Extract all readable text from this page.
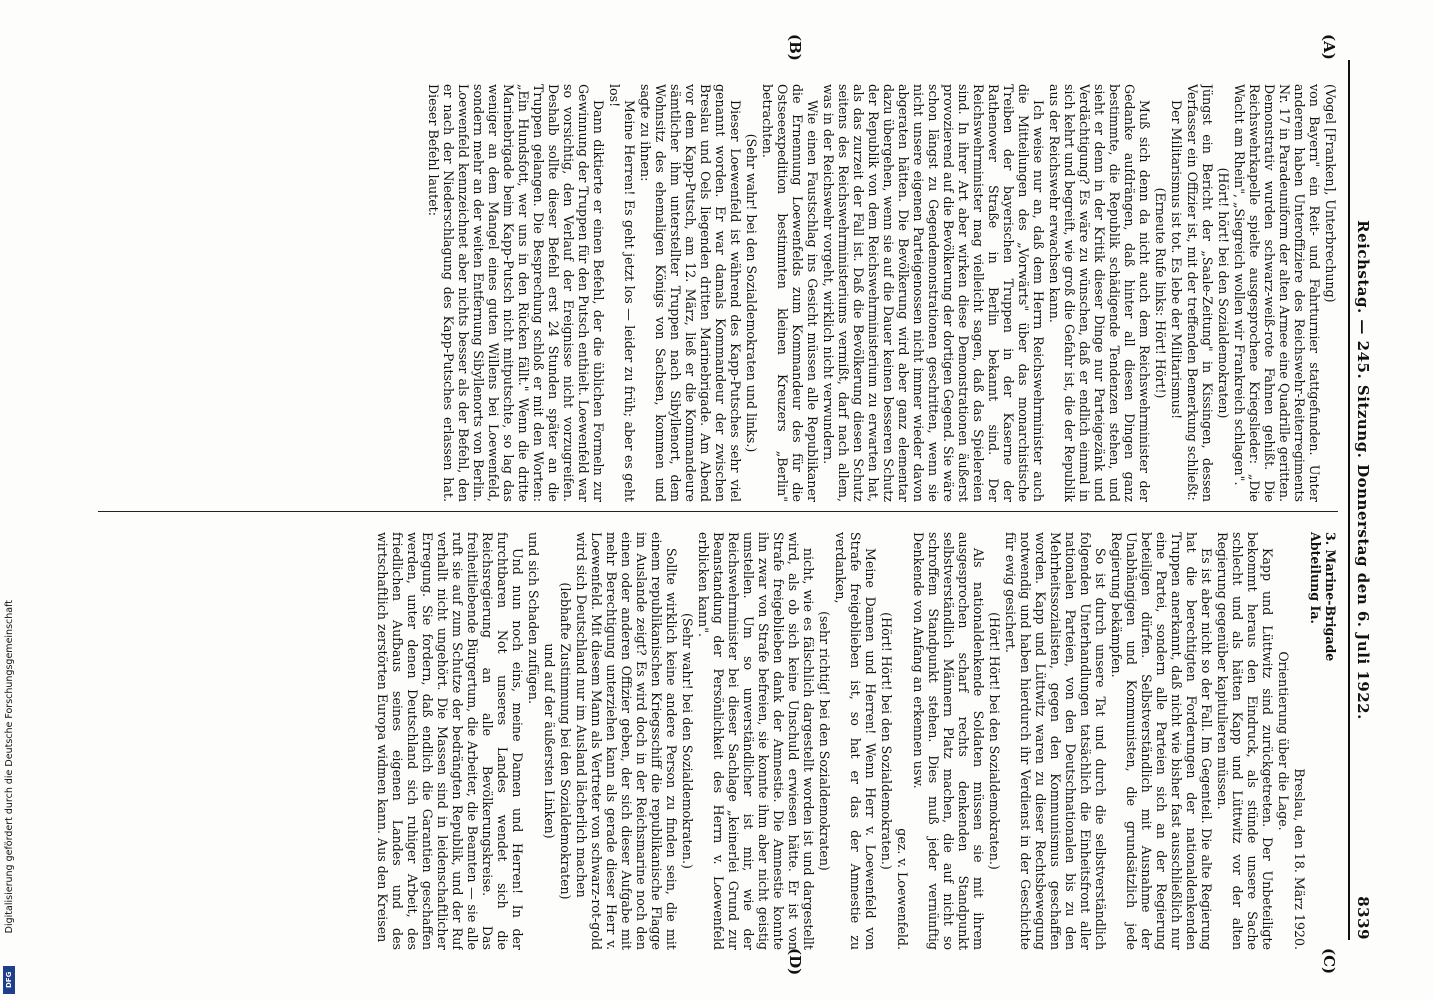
Reichstag. — 245. Sitzung. Donnerstag den 6. Juli 1922.
8339
(A)
(B)
(C)
(D)

(Vogel [Franken], Unterbrechung)

von Bayern" ein Reit- und Fahrturnier stattgefunden. Unter anderem haben Unteroffiziere des Reichswehr-Reiterregiments Nr. 17 in Paradeuniform der alten Armee eine Quadrille geritten. Demonstrativ wurden schwarz-weiß-rote Fahnen gehißt. Die Reichswehrkapelle spielte ausgesprochene Kriegslieder: „Die Wacht am Rhein", „Siegreich wollen wir Frankreich schlagen".

(Hört! hört! bei den Sozialdemokraten)

Jüngst ein Bericht der „Saale-Zeitung" in Kissingen, dessen Verfasser ein Offizier ist, mit der treffenden Bemerkung schließt:

Der Militarismus ist tot. Es lebe der Militarismus!

(Erneute Rufe links: Hört! Hört!)

Muß sich denn da nicht auch dem Reichswehrminister der Gedanke aufdrängen, daß hinter all diesen Dingen ganz bestimmte, die Republik schädigende Tendenzen stehen, und sieht er denn in der Kritik dieser Dinge nur Parteigezänk und Verdächtigung? Es wäre zu wünschen, daß er endlich einmal in sich kehrt und begreift, wie groß die Gefahr ist, die der Republik aus der Reichswehr erwachsen kann.

Ich weise nur an, daß dem Herrn Reichswehrminister auch die Mitteilungen des „Vorwärts" über das monarchistische Treiben der bayerischen Truppen in der Kaserne der Rathenower Straße in Berlin bekannt sind. Der Reichswehrminister mag vielleicht sagen, daß das Spielereien sind. In ihrer Art aber wirken diese Demonstrationen äußerst provozierend auf die Bevölkerung der dortigen Gegend. Sie wäre schon längst zu Gegendemonstrationen geschritten, wenn sie nicht unsere eigenen Parteigenossen nicht immer wieder davon abgeraten hätten. Die Bevölkerung wird aber ganz elementar dazu übergehen, wenn sie auf die Dauer keinen besseren Schutz der Republik von dem Reichswehrministerium zu erwarten hat, als das zurzeit der Fall ist. Daß die Bevölkerung diesen Schutz seitens des Reichswehrministeriums vermißt, darf nach allem, was in der Reichswehr vorgeht, wirklich nicht verwundern.

Wie einen Faustschlag ins Gesicht müssen alle Republikaner die Ernennung Loewenfelds zum Kommandeur des für die Ostseeexpedition bestimmten kleinen Kreuzers „Berlin" betrachten.

(Sehr wahr! bei den Sozialdemokraten und links.)

Dieser Loewenfeld ist während des Kapp-Putsches sehr viel genannt worden. Er war damals Kommandeur der zwischen Breslau und Oels liegenden dritten Marinebrigade. Am Abend vor dem Kapp-Putsch, am 12. März, ließ er die Kommandeure sämtlicher ihm unterstellter Truppen nach Sibyllenort, dem Wohnsitz des ehemaligen Königs von Sachsen, kommen und sagte zu ihnen:

Meine Herren! Es geht jetzt los — leider zu früh; aber es geht los!

Dann diktierte er einen Befehl, der die üblichen Formeln zur Gewinnung der Truppen für den Putsch enthielt. Loewenfeld war so vorsichtig, den Verlauf der Ereignisse nicht vorzugreifen. Deshalb sollte dieser Befehl erst 24 Stunden später an die Truppen gelangen. Die Besprechung schloß er mit den Worten: „Ein Hundsfott, wer uns in den Rücken fällt." Wenn die dritte Marinebrigade beim Kapp-Putsch nicht mitputschte, so lag das weniger an dem Mangel eines guten Willens bei Loewenfeld, sondern mehr an der weiten Entfernung Sibyllenorts von Berlin. Loewenfeld kennzeichnet aber nichts besser als der Befehl, den er nach der Niederschlagung des Kapp-Putsches erlassen hat. Dieser Befehl lautet:

3. Marine-Brigade
Abteilung Ia.

Breslau, den 18. März 1920.

Orientierung über die Lage.

Kapp und Lüttwitz sind zurückgetreten. Der Unbeteiligte bekommt heraus den Eindruck, als stünde unsere Sache schlecht und als hätten Kapp und Lüttwitz vor der alten Regierung gegenüber kapitulieren müssen.

Es ist aber nicht so der Fall. Im Gegenteil. Die alte Regierung hat die berechtigten Forderungen der nationaldenkenden Truppen anerkannt, daß nicht wie bisher fast ausschließlich nur eine Partei, sondern alle Parteien sich an der Regierung beteiligen dürfen. Selbstverständlich mit Ausnahme der Unabhängigen und Kommunisten, die grundsätzlich jede Regierung bekämpfen.

So ist durch unsere Tat und durch die selbstverständlich folgenden Unterhandlungen tatsächlich die Einheitsfront aller nationalen Parteien, von den Deutschnationalen bis zu den Mehrheitssozialisten, gegen den Kommunismus geschaffen worden. Kapp und Lüttwitz waren zu dieser Rechtsbewegung notwendig und haben hierdurch ihr Verdienst in der Geschichte für ewig gesichert.

(Hört! Hört! bei den Sozialdemokraten.)

Als nationaldenkende Soldaten müssen sie mit ihrem ausgesprochen scharf rechts denkenden Standpunkt selbstverständlich Männern Platz machen, die auf nicht so schroffem Standpunkt stehen. Dies muß jeder vernünftig Denkende von Anfang an erkennen usw.

gez. v. Loewenfeld.

(Hört! Hört! bei den Sozialdemokraten.)

Meine Damen und Herren! Wenn Herr v. Loewenfeld von Strafe freigeblieben ist, so hat er das der Amnestie zu verdanken,

(sehr richtig! bei den Sozialdemokraten)

nicht, wie es fälschlich dargestellt worden ist und dargestellt wird, als ob sich keine Unschuld erwiesen hätte. Er ist von Strafe freigeblieben dank der Amnestie. Die Amnestie konnte ihn zwar von Strafe befreien, sie konnte ihm aber nicht geistig umstellen. Um so unverständlicher ist mir, wie der Reichswehrminister bei dieser Sachlage „keinerlei Grund zur Beanstandung der Persönlichkeit des Herrn v. Loewenfeld erblicken kann".

(Sehr wahr! bei den Sozialdemokraten.)

Sollte wirklich keine andere Person zu finden sein, die mit einem republikanischen Kriegsschiff die republikanische Flagge im Auslande zeigt? Es wird doch in der Reichsmarine noch den einen oder anderen Offizier geben, der sich dieser Aufgabe mit mehr Berechtigung unterziehen kann als gerade dieser Herr v. Loewenfeld. Mit diesem Mann als Vertreter von schwarz-rot-gold wird sich Deutschland nur im Ausland lächerlich machen

(lebhafte Zustimmung bei den Sozialdemokraten)

und auf der äußersten Linken)

und sich Schaden zufügen.

Und nun noch eins, meine Damen und Herren! In der furchtbaren Not unseres Landes wendet sich die Reichsregierung an alle Bevölkerungskreise. Das freiheitliebende Bürgertum, die Arbeiter, die Beamten — sie alle ruft sie auf zum Schutze der bedrängten Republik, und der Ruf verhallt nicht ungehört. Die Massen sind in leidenschaftlicher Erregung. Sie fordern, daß endlich die Garantien geschaffen werden, unter denen Deutschland sich ruhiger Arbeit, des friedlichen Aufbaus seines eigenen Landes und des wirtschaftlich zerstörten Europa widmen kann. Aus den Kreisen

Digitalisierung gefördert durch die Deutsche Forschungsgemeinschaft
DFG
